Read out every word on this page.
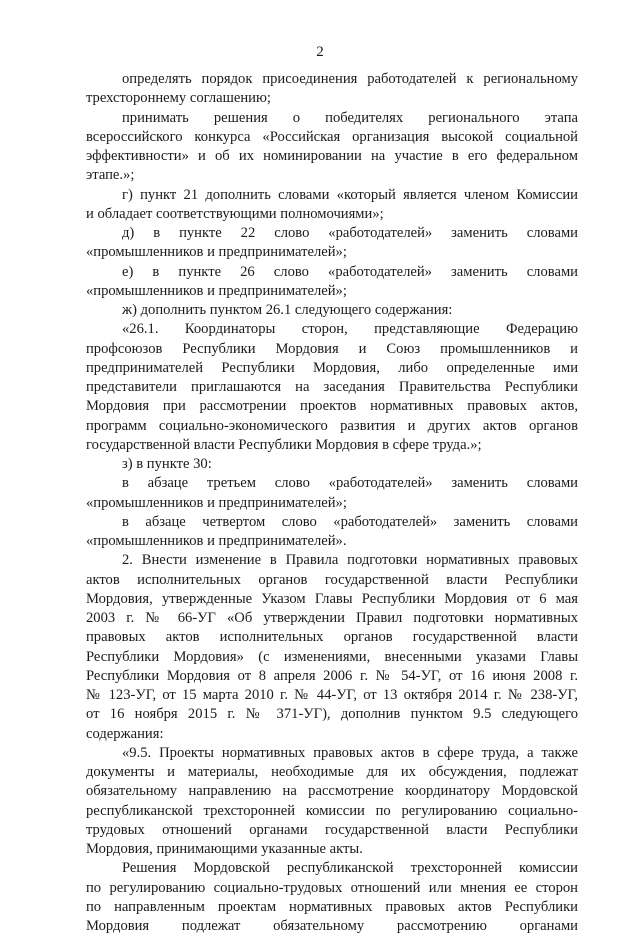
2
определять порядок присоединения работодателей к региональному
трехстороннему соглашению;
принимать решения о победителях регионального этапа
всероссийского конкурса «Российская организация высокой социальной
эффективности» и об их номинировании на участие в его федеральном
этапе.»;
г) пункт 21 дополнить словами «который является членом Комиссии
и обладает соответствующими полномочиями»;
д) в пункте 22 слово «работодателей» заменить словами
«промышленников и предпринимателей»;
е) в пункте 26 слово «работодателей» заменить словами
«промышленников и предпринимателей»;
ж) дополнить пунктом 26.1 следующего содержания:
«26.1. Координаторы сторон, представляющие Федерацию
профсоюзов Республики Мордовия и Союз промышленников и
предпринимателей Республики Мордовия, либо определенные ими
представители приглашаются на заседания Правительства Республики
Мордовия при рассмотрении проектов нормативных правовых актов,
программ социально-экономического развития и других актов органов
государственной власти Республики Мордовия в сфере труда.»;
з) в пункте 30:
в абзаце третьем слово «работодателей» заменить словами
«промышленников и предпринимателей»;
в абзаце четвертом слово «работодателей» заменить словами
«промышленников и предпринимателей».
2. Внести изменение в Правила подготовки нормативных правовых
актов исполнительных органов государственной власти Республики
Мордовия, утвержденные Указом Главы Республики Мордовия от 6 мая
2003 г. № 66-УГ «Об утверждении Правил подготовки нормативных
правовых актов исполнительных органов государственной власти
Республики Мордовия» (с изменениями, внесенными указами Главы
Республики Мордовия от 8 апреля 2006 г. № 54-УГ, от 16 июня 2008 г.
№ 123-УГ, от 15 марта 2010 г. № 44-УГ, от 13 октября 2014 г. № 238-УГ,
от 16 ноября 2015 г. № 371-УГ), дополнив пунктом 9.5 следующего
содержания:
«9.5. Проекты нормативных правовых актов в сфере труда, а также
документы и материалы, необходимые для их обсуждения, подлежат
обязательному направлению на рассмотрение координатору Мордовской
республиканской трехсторонней комиссии по регулированию социально-
трудовых отношений органами государственной власти Республики
Мордовия, принимающими указанные акты.
Решения Мордовской республиканской трехсторонней комиссии
по регулированию социально-трудовых отношений или мнения ее сторон
по направленным проектам нормативных правовых актов Республики
Мордовия подлежат обязательному рассмотрению органами
